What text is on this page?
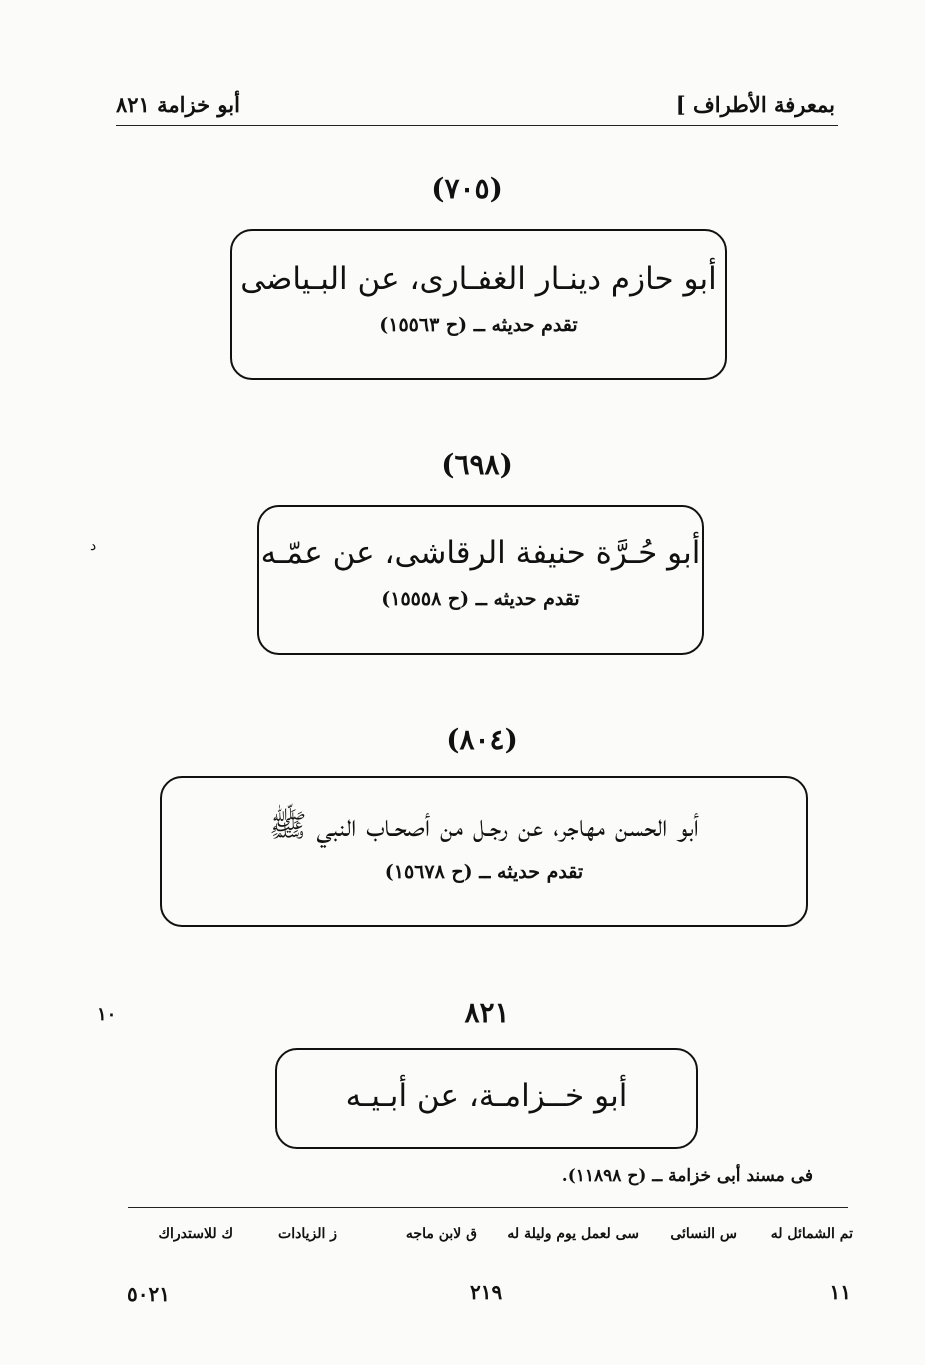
بمعرفة الأطراف ]
أبو خزامة ٨٢١
(٧٠٥)
أبو حازم دينـار الغفـارى، عن البـياضى
تقدم حديثه ــ (ح ١٥٥٦٣)
(٦٩٨)
أبو حُـرَّة حنيفة الرقاشى، عن عمّـه
تقدم حديثه ــ (ح ١٥٥٥٨)
(٨٠٤)
أبو الحسن مهاجر، عن رجـل من أصحـاب النبي ﷺ
تقدم حديثه ــ (ح ١٥٦٧٨)
٨٢١
أبو خــزامـة، عن أبـيـه
فى مسند أبى خزامة ــ (ح ١١٨٩٨).
د
١٠
تم الشمائل له
س النسائى
سى لعمل يوم وليلة له
ق لابن ماجه
ز الزيادات
ك للاستدراك
١١
٢١٩
٥٠٢١
